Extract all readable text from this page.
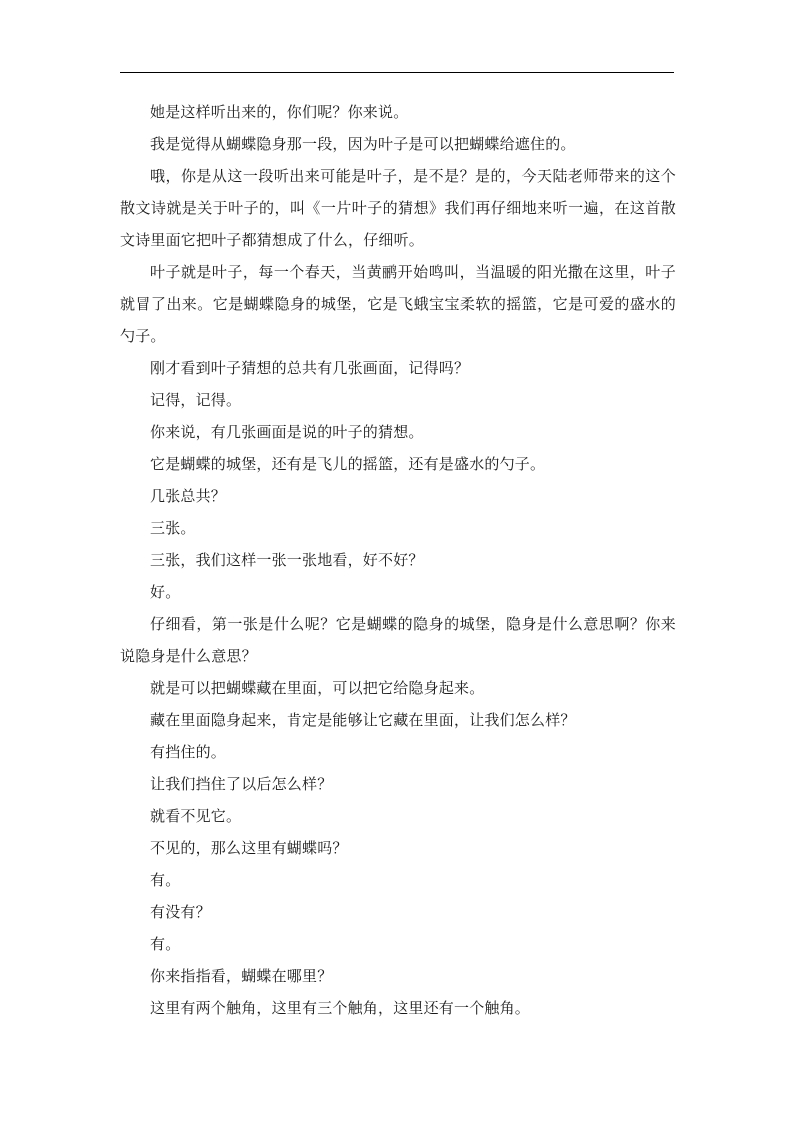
她是这样听出来的，你们呢？你来说。

我是觉得从蝴蝶隐身那一段，因为叶子是可以把蝴蝶给遮住的。

哦，你是从这一段听出来可能是叶子，是不是？是的，今天陆老师带来的这个散文诗就是关于叶子的，叫《一片叶子的猜想》我们再仔细地来听一遍，在这首散文诗里面它把叶子都猜想成了什么，仔细听。

叶子就是叶子，每一个春天，当黄鹂开始鸣叫，当温暖的阳光撒在这里，叶子就冒了出来。它是蝴蝶隐身的城堡，它是飞蛾宝宝柔软的摇篮，它是可爱的盛水的勺子。

刚才看到叶子猜想的总共有几张画面，记得吗？

记得，记得。

你来说，有几张画面是说的叶子的猜想。

它是蝴蝶的城堡，还有是飞儿的摇篮，还有是盛水的勺子。

几张总共？

三张。

三张，我们这样一张一张地看，好不好？

好。

仔细看，第一张是什么呢？它是蝴蝶的隐身的城堡，隐身是什么意思啊？你来说隐身是什么意思？

就是可以把蝴蝶藏在里面，可以把它给隐身起来。

藏在里面隐身起来，肯定是能够让它藏在里面，让我们怎么样？

有挡住的。

让我们挡住了以后怎么样？

就看不见它。

不见的，那么这里有蝴蝶吗？

有。

有没有？

有。

你来指指看，蝴蝶在哪里？

这里有两个触角，这里有三个触角，这里还有一个触角。
